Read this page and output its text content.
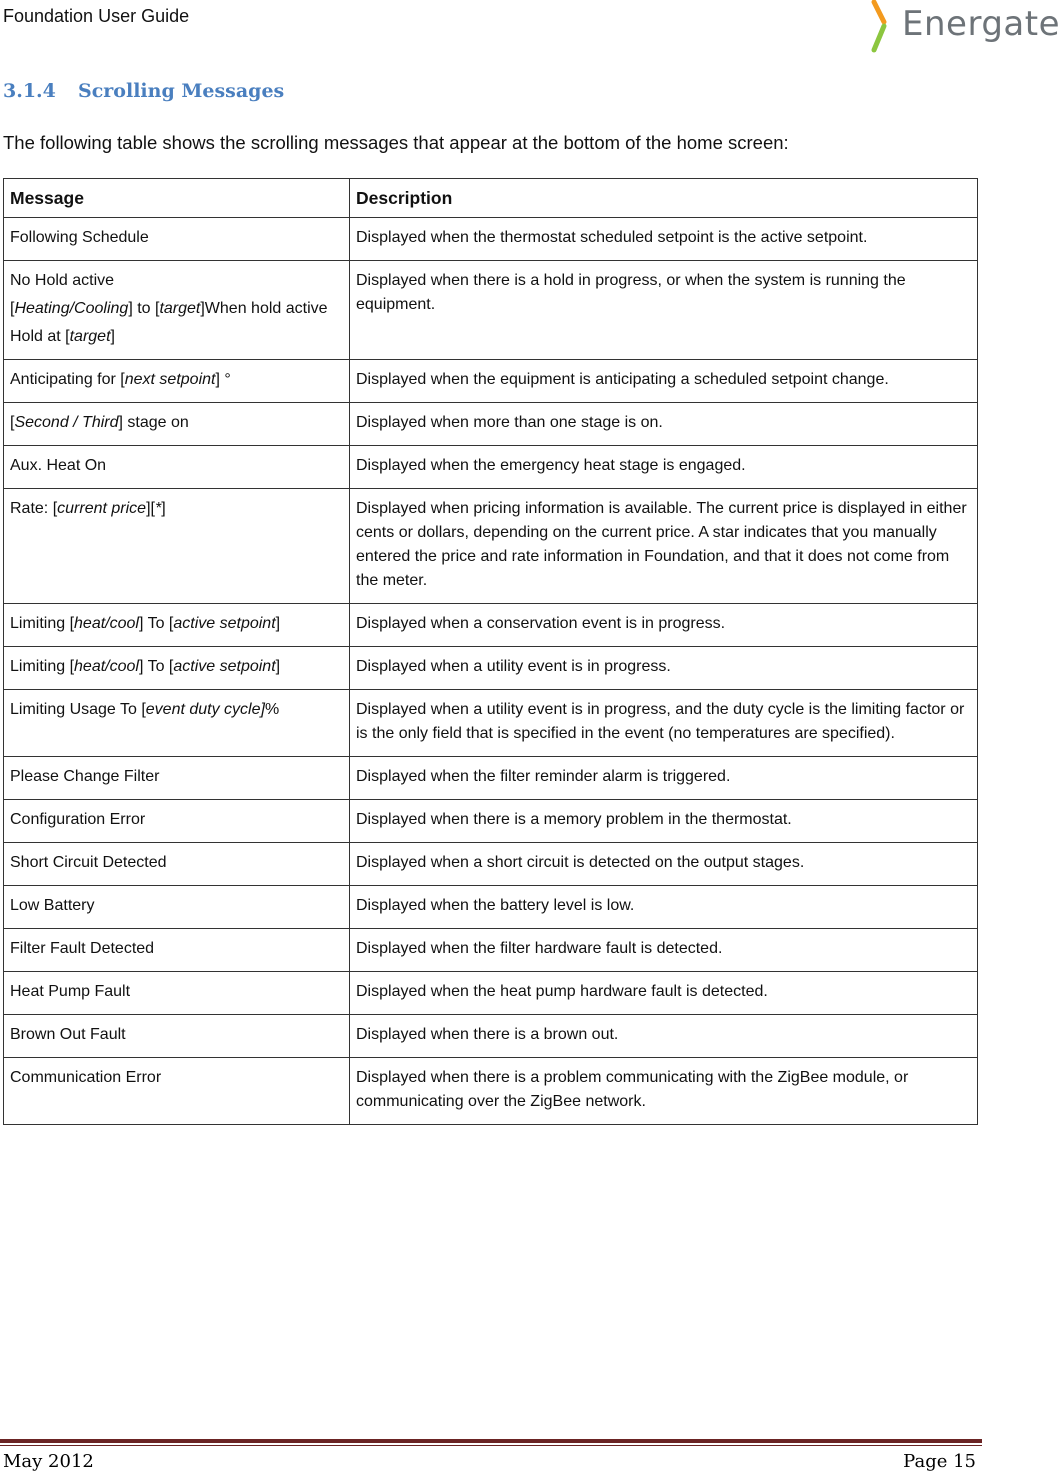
Foundation User Guide	Energate
3.1.4 Scrolling Messages
The following table shows the scrolling messages that appear at the bottom of the home screen:
Message	Description

Following Schedule	Displayed when the thermostat scheduled setpoint is the active setpoint.

No Hold active
[Heating/Cooling] to [target]When hold active
Hold at [target]	Displayed when there is a hold in progress, or when the system is running the equipment.

Anticipating for [next setpoint] °	Displayed when the equipment is anticipating a scheduled setpoint change.

[Second / Third] stage on	Displayed when more than one stage is on.

Aux. Heat On	Displayed when the emergency heat stage is engaged.

Rate: [current price][*]	Displayed when pricing information is available. The current price is displayed in either cents or dollars, depending on the current price. A star indicates that you manually entered the price and rate information in Foundation, and that it does not come from the meter.

Limiting [heat/cool] To [active setpoint]	Displayed when a conservation event is in progress.

Limiting [heat/cool] To [active setpoint]	Displayed when a utility event is in progress.

Limiting Usage To [event duty cycle]%	Displayed when a utility event is in progress, and the duty cycle is the limiting factor or is the only field that is specified in the event (no temperatures are specified).

Please Change Filter	Displayed when the filter reminder alarm is triggered.

Configuration Error	Displayed when there is a memory problem in the thermostat.

Short Circuit Detected	Displayed when a short circuit is detected on the output stages.

Low Battery	Displayed when the battery level is low.

Filter Fault Detected	Displayed when the filter hardware fault is detected.

Heat Pump Fault	Displayed when the heat pump hardware fault is detected.

Brown Out Fault	Displayed when there is a brown out.

Communication Error	Displayed when there is a problem communicating with the ZigBee module, or communicating over the ZigBee network.
May 2012	Page 15
